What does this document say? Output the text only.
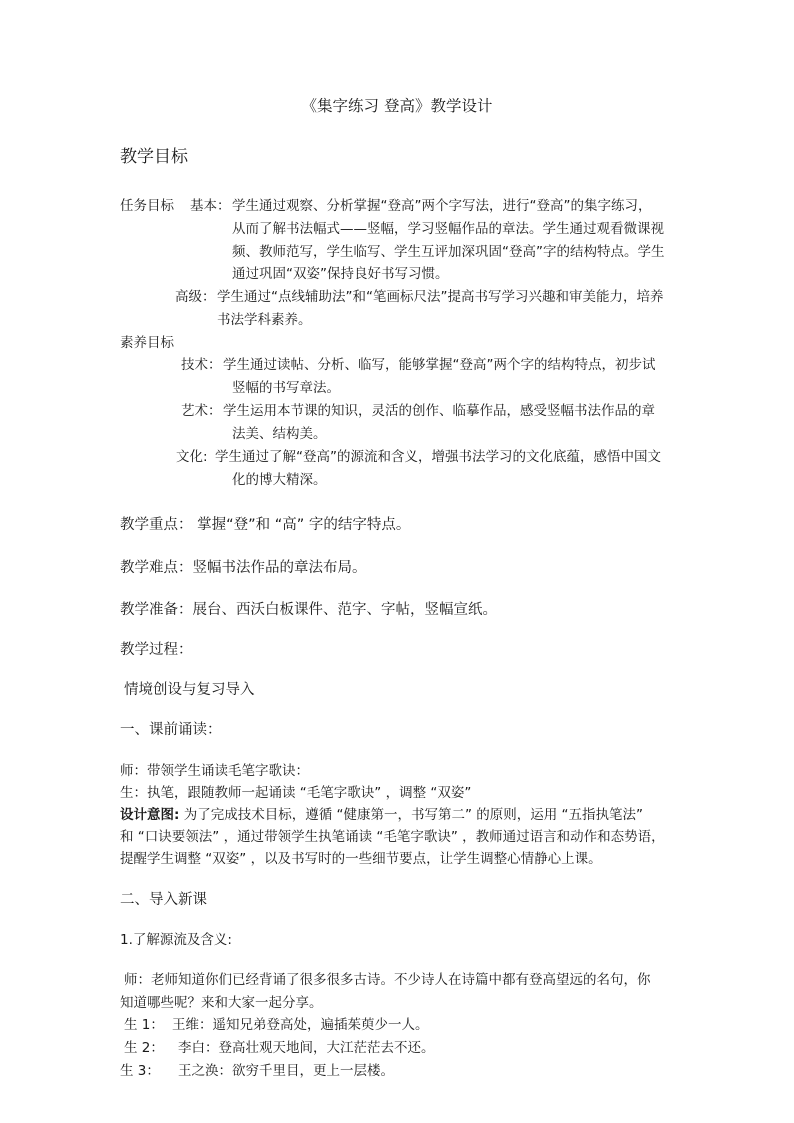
《集字练习 登高》教学设计
教学目标
任务目标 基本： 学生通过观察、分析掌握“登高”两个字写法，进行“登高”的集字练习，
从而了解书法幅式——竖幅，学习竖幅作品的章法。学生通过观看微课视
频、教师范写，学生临写、学生互评加深巩固“登高”字的结构特点。学生
通过巩固“双姿”保持良好书写习惯。
高级： 学生通过“点线辅助法”和“笔画标尺法”提高书写学习兴趣和审美能力，培养
书法学科素养。
素养目标
技术： 学生通过读帖、分析、临写，能够掌握“登高”两个字的结构特点，初步试
竖幅的书写章法。
艺术： 学生运用本节课的知识，灵活的创作、临摹作品，感受竖幅书法作品的章
法美、结构美。
文化: 学生通过了解“登高”的源流和含义，增强书法学习的文化底蕴，感悟中国文
化的博大精深。
教学重点： 掌握“登”和 “高” 字的结字特点。
教学难点：竖幅书法作品的章法布局。
教学准备：展台、西沃白板课件、范字、字帖，竖幅宣纸。
教学过程：
情境创设与复习导入
一、课前诵读：
师：带领学生诵读毛笔字歌诀：
生：执笔，跟随教师一起诵读 “毛笔字歌诀” ，调整 “双姿”
设计意图: 为了完成技术目标，遵循 “健康第一，书写第二” 的原则，运用 “五指执笔法”
和 “口诀要领法” ，通过带领学生执笔诵读 “毛笔字歌诀” ，教师通过语言和动作和态势语，
提醒学生调整 “双姿” ，以及书写时的一些细节要点，让学生调整心情静心上课。
二、导入新课
1.了解源流及含义:
师：老师知道你们已经背诵了很多很多古诗。不少诗人在诗篇中都有登高望远的名句，你
知道哪些呢？来和大家一起分享。
生 1： 王维：遥知兄弟登高处，遍插茱萸少一人。
生 2： 李白：登高壮观天地间，大江茫茫去不还。
生 3： 王之涣：欲穷千里目，更上一层楼。
